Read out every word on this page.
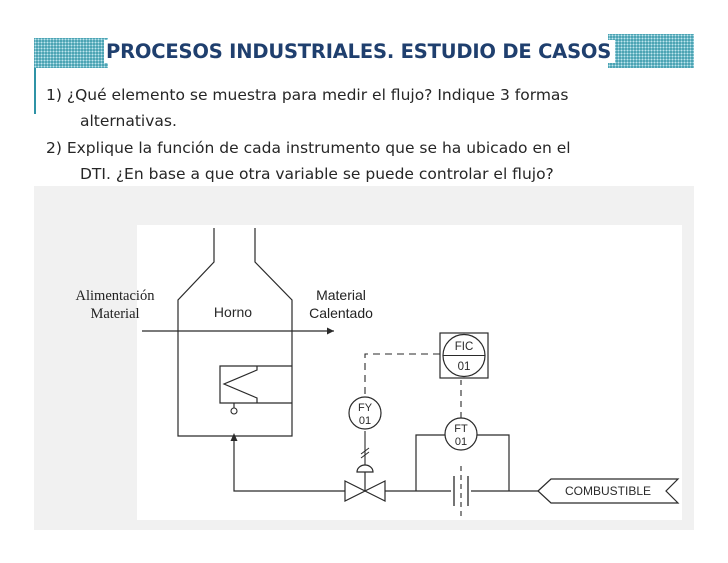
PROCESOS INDUSTRIALES. ESTUDIO DE CASOS
1) ¿Qué elemento se muestra para medir el flujo? Indique 3 formas
alternativas.
2) Explique la función de cada instrumento que se ha ubicado en el
DTI. ¿En base a que otra variable se puede controlar el flujo?
Horno
Alimentación
Material
Material
Calentado
FT
01
FIC
01
FY
01
COMBUSTIBLE
